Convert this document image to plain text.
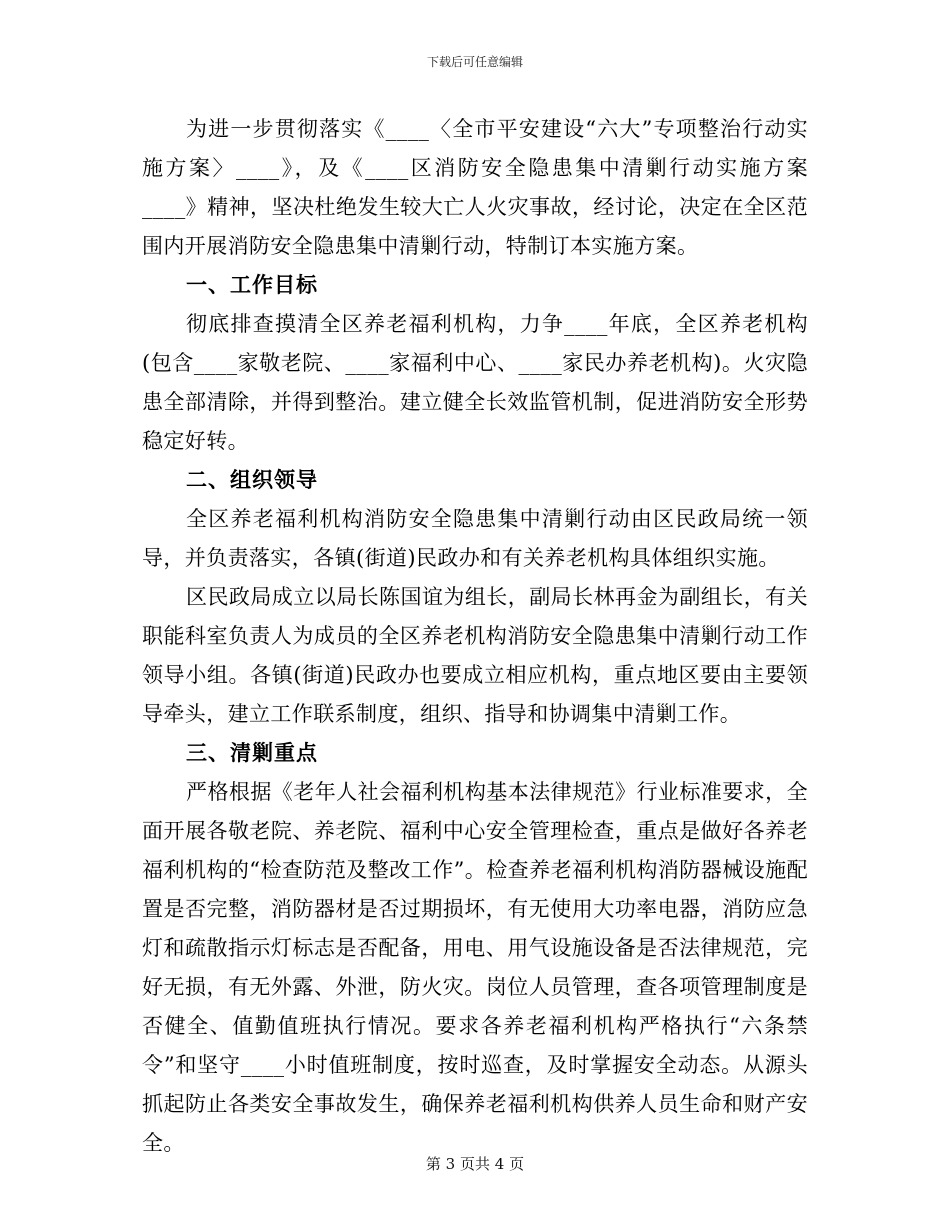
下载后可任意编辑

为进一步贯彻落实《____〈全市平安建设“六大”专项整治行动实施方案〉____》，及《____区消防安全隐患集中清剿行动实施方案____》精神，坚决杜绝发生较大亡人火灾事故，经讨论，决定在全区范围内开展消防安全隐患集中清剿行动，特制订本实施方案。

一、工作目标

彻底排查摸清全区养老福利机构，力争____年底，全区养老机构(包含____家敬老院、____家福利中心、____家民办养老机构)。火灾隐患全部清除，并得到整治。建立健全长效监管机制，促进消防安全形势稳定好转。

二、组织领导

全区养老福利机构消防安全隐患集中清剿行动由区民政局统一领导，并负责落实，各镇(街道)民政办和有关养老机构具体组织实施。

区民政局成立以局长陈国谊为组长，副局长林再金为副组长，有关职能科室负责人为成员的全区养老机构消防安全隐患集中清剿行动工作领导小组。各镇(街道)民政办也要成立相应机构，重点地区要由主要领导牵头，建立工作联系制度，组织、指导和协调集中清剿工作。

三、清剿重点

严格根据《老年人社会福利机构基本法律规范》行业标准要求，全面开展各敬老院、养老院、福利中心安全管理检查，重点是做好各养老福利机构的“检查防范及整改工作”。检查养老福利机构消防器械设施配置是否完整，消防器材是否过期损坏，有无使用大功率电器，消防应急灯和疏散指示灯标志是否配备，用电、用气设施设备是否法律规范，完好无损，有无外露、外泄，防火灾。岗位人员管理，查各项管理制度是否健全、值勤值班执行情况。要求各养老福利机构严格执行“六条禁令”和坚守____小时值班制度，按时巡查，及时掌握安全动态。从源头抓起防止各类安全事故发生，确保养老福利机构供养人员生命和财产安全。

第 3 页共 4 页
